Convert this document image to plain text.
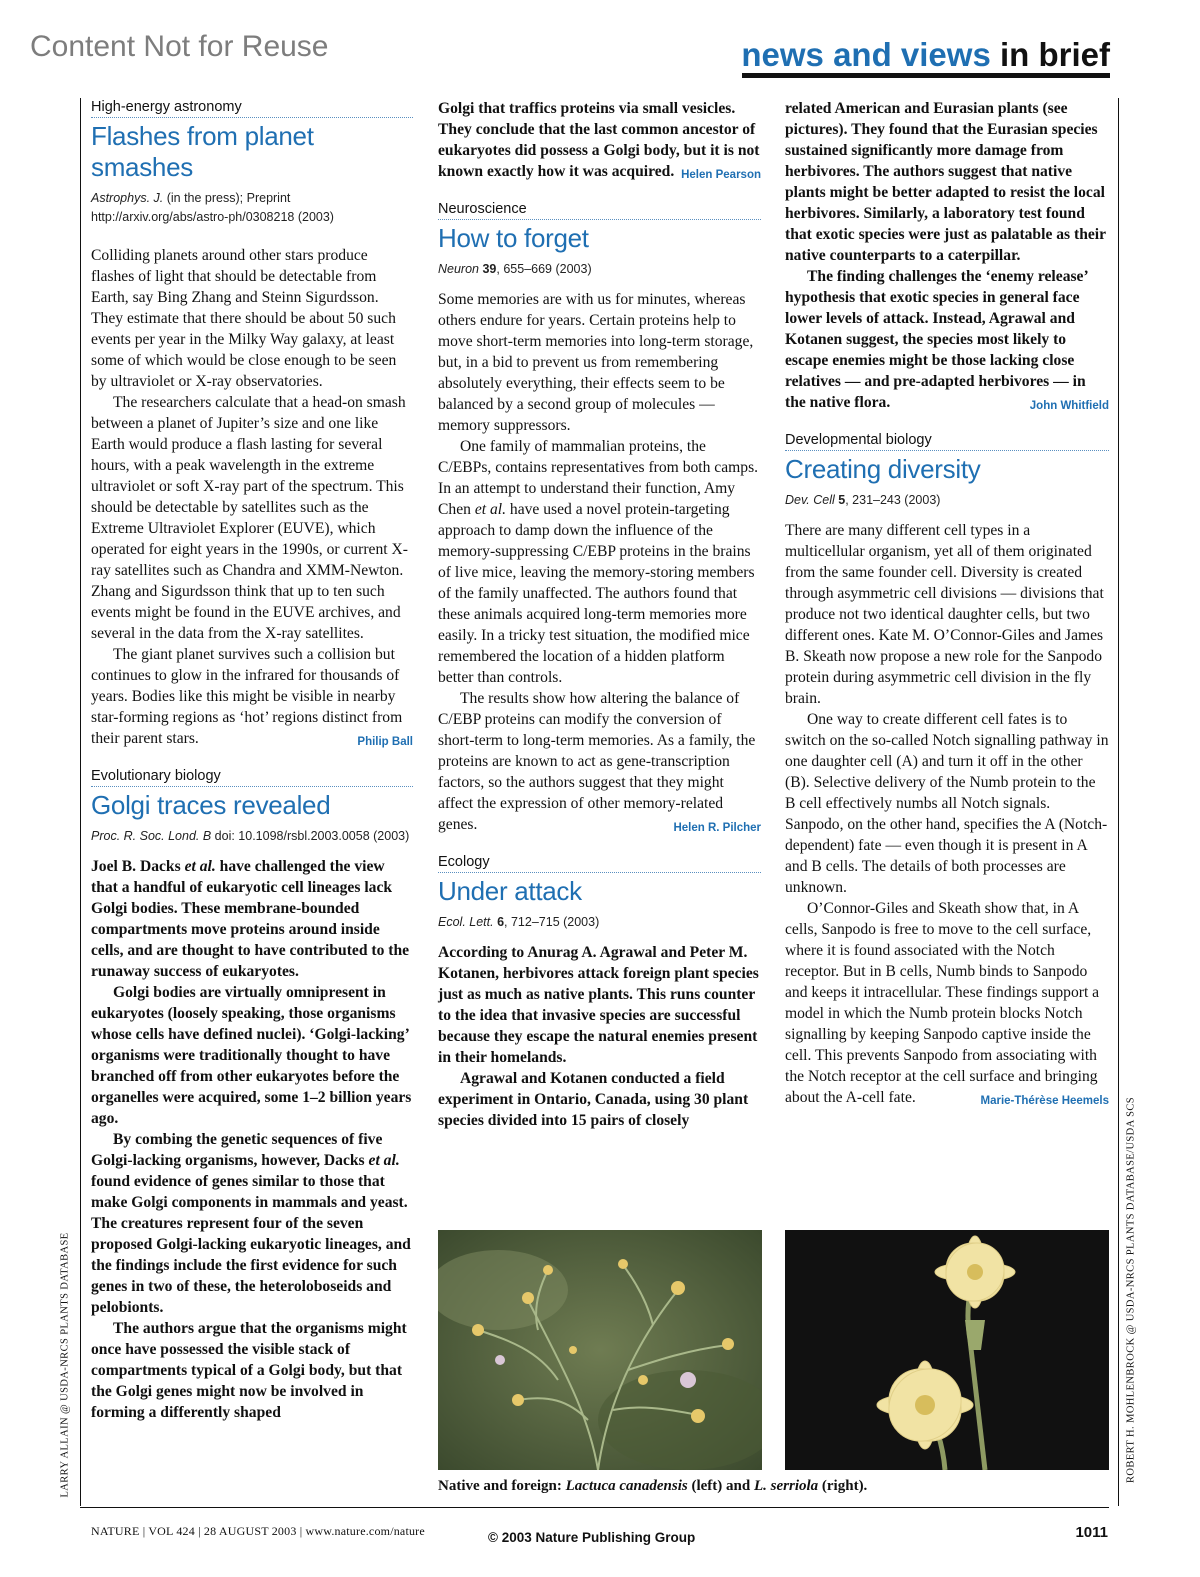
Content Not for Reuse	news and views in brief
High-energy astronomy
Flashes from planet smashes
Astrophys. J. (in the press); Preprint
http://arxiv.org/abs/astro-ph/0308218 (2003)

Colliding planets around other stars produce flashes of light that should be detectable from Earth, say Bing Zhang and Steinn Sigurdsson. They estimate that there should be about 50 such events per year in the Milky Way galaxy, at least some of which would be close enough to be seen by ultraviolet or X-ray observatories.

The researchers calculate that a head-on smash between a planet of Jupiter’s size and one like Earth would produce a flash lasting for several hours, with a peak wavelength in the extreme ultraviolet or soft X-ray part of the spectrum. This should be detectable by satellites such as the Extreme Ultraviolet Explorer (EUVE), which operated for eight years in the 1990s, or current X-ray satellites such as Chandra and XMM-Newton. Zhang and Sigurdsson think that up to ten such events might be found in the EUVE archives, and several in the data from the X-ray satellites.

The giant planet survives such a collision but continues to glow in the infrared for thousands of years. Bodies like this might be visible in nearby star-forming regions as ‘hot’ regions distinct from their parent stars.	Philip Ball

Evolutionary biology
Golgi traces revealed
Proc. R. Soc. Lond. B doi: 10.1098/rsbl.2003.0058 (2003)

Joel B. Dacks et al. have challenged the view that a handful of eukaryotic cell lineages lack Golgi bodies. These membrane-bounded compartments move proteins around inside cells, and are thought to have contributed to the runaway success of eukaryotes.

Golgi bodies are virtually omnipresent in eukaryotes (loosely speaking, those organisms whose cells have defined nuclei). ‘Golgi-lacking’ organisms were traditionally thought to have branched off from other eukaryotes before the organelles were acquired, some 1–2 billion years ago.

By combing the genetic sequences of five Golgi-lacking organisms, however, Dacks et al. found evidence of genes similar to those that make Golgi components in mammals and yeast. The creatures represent four of the seven proposed Golgi-lacking eukaryotic lineages, and the findings include the first evidence for such genes in two of these, the heteroloboseids and pelobionts.

The authors argue that the organisms might once have possessed the visible stack of compartments typical of a Golgi body, but that the Golgi genes might now be involved in forming a differently shaped

Golgi that traffics proteins via small vesicles. They conclude that the last common ancestor of eukaryotes did possess a Golgi body, but it is not known exactly how it was acquired. Helen Pearson

Neuroscience
How to forget
Neuron 39, 655–669 (2003)

Some memories are with us for minutes, whereas others endure for years. Certain proteins help to move short-term memories into long-term storage, but, in a bid to prevent us from remembering absolutely everything, their effects seem to be balanced by a second group of molecules — memory suppressors.

One family of mammalian proteins, the C/EBPs, contains representatives from both camps. In an attempt to understand their function, Amy Chen et al. have used a novel protein-targeting approach to damp down the influence of the memory-suppressing C/EBP proteins in the brains of live mice, leaving the memory-storing members of the family unaffected. The authors found that these animals acquired long-term memories more easily. In a tricky test situation, the modified mice remembered the location of a hidden platform better than controls.

The results show how altering the balance of C/EBP proteins can modify the conversion of short-term to long-term memories. As a family, the proteins are known to act as gene-transcription factors, so the authors suggest that they might affect the expression of other memory-related genes.	Helen R. Pilcher

Ecology
Under attack
Ecol. Lett. 6, 712–715 (2003)

According to Anurag A. Agrawal and Peter M. Kotanen, herbivores attack foreign plant species just as much as native plants. This runs counter to the idea that invasive species are successful because they escape the natural enemies present in their homelands.

Agrawal and Kotanen conducted a field experiment in Ontario, Canada, using 30 plant species divided into 15 pairs of closely

related American and Eurasian plants (see pictures). They found that the Eurasian species sustained significantly more damage from herbivores. The authors suggest that native plants might be better adapted to resist the local herbivores. Similarly, a laboratory test found that exotic species were just as palatable as their native counterparts to a caterpillar.

The finding challenges the ‘enemy release’ hypothesis that exotic species in general face lower levels of attack. Instead, Agrawal and Kotanen suggest, the species most likely to escape enemies might be those lacking close relatives — and pre-adapted herbivores — in the native flora.	John Whitfield

Developmental biology
Creating diversity
Dev. Cell 5, 231–243 (2003)

There are many different cell types in a multicellular organism, yet all of them originated from the same founder cell. Diversity is created through asymmetric cell divisions — divisions that produce not two identical daughter cells, but two different ones. Kate M. O’Connor-Giles and James B. Skeath now propose a new role for the Sanpodo protein during asymmetric cell division in the fly brain.

One way to create different cell fates is to switch on the so-called Notch signalling pathway in one daughter cell (A) and turn it off in the other (B). Selective delivery of the Numb protein to the B cell effectively numbs all Notch signals. Sanpodo, on the other hand, specifies the A (Notch-dependent) fate — even though it is present in A and B cells. The details of both processes are unknown.

O’Connor-Giles and Skeath show that, in A cells, Sanpodo is free to move to the cell surface, where it is found associated with the Notch receptor. But in B cells, Numb binds to Sanpodo and keeps it intracellular. These findings support a model in which the Numb protein blocks Notch signalling by keeping Sanpodo captive inside the cell. This prevents Sanpodo from associating with the Notch receptor at the cell surface and bringing about the A-cell fate.	Marie-Thérèse Heemels

Native and foreign: Lactuca canadensis (left) and L. serriola (right).
LARRY ALLAIN @ USDA-NRCS PLANTS DATABASE	ROBERT H. MOHLENBROCK @ USDA-NRCS PLANTS DATABASE/USDA SCS
NATURE | VOL 424 | 28 AUGUST 2003 | www.nature.com/nature	© 2003 Nature Publishing Group	1011
